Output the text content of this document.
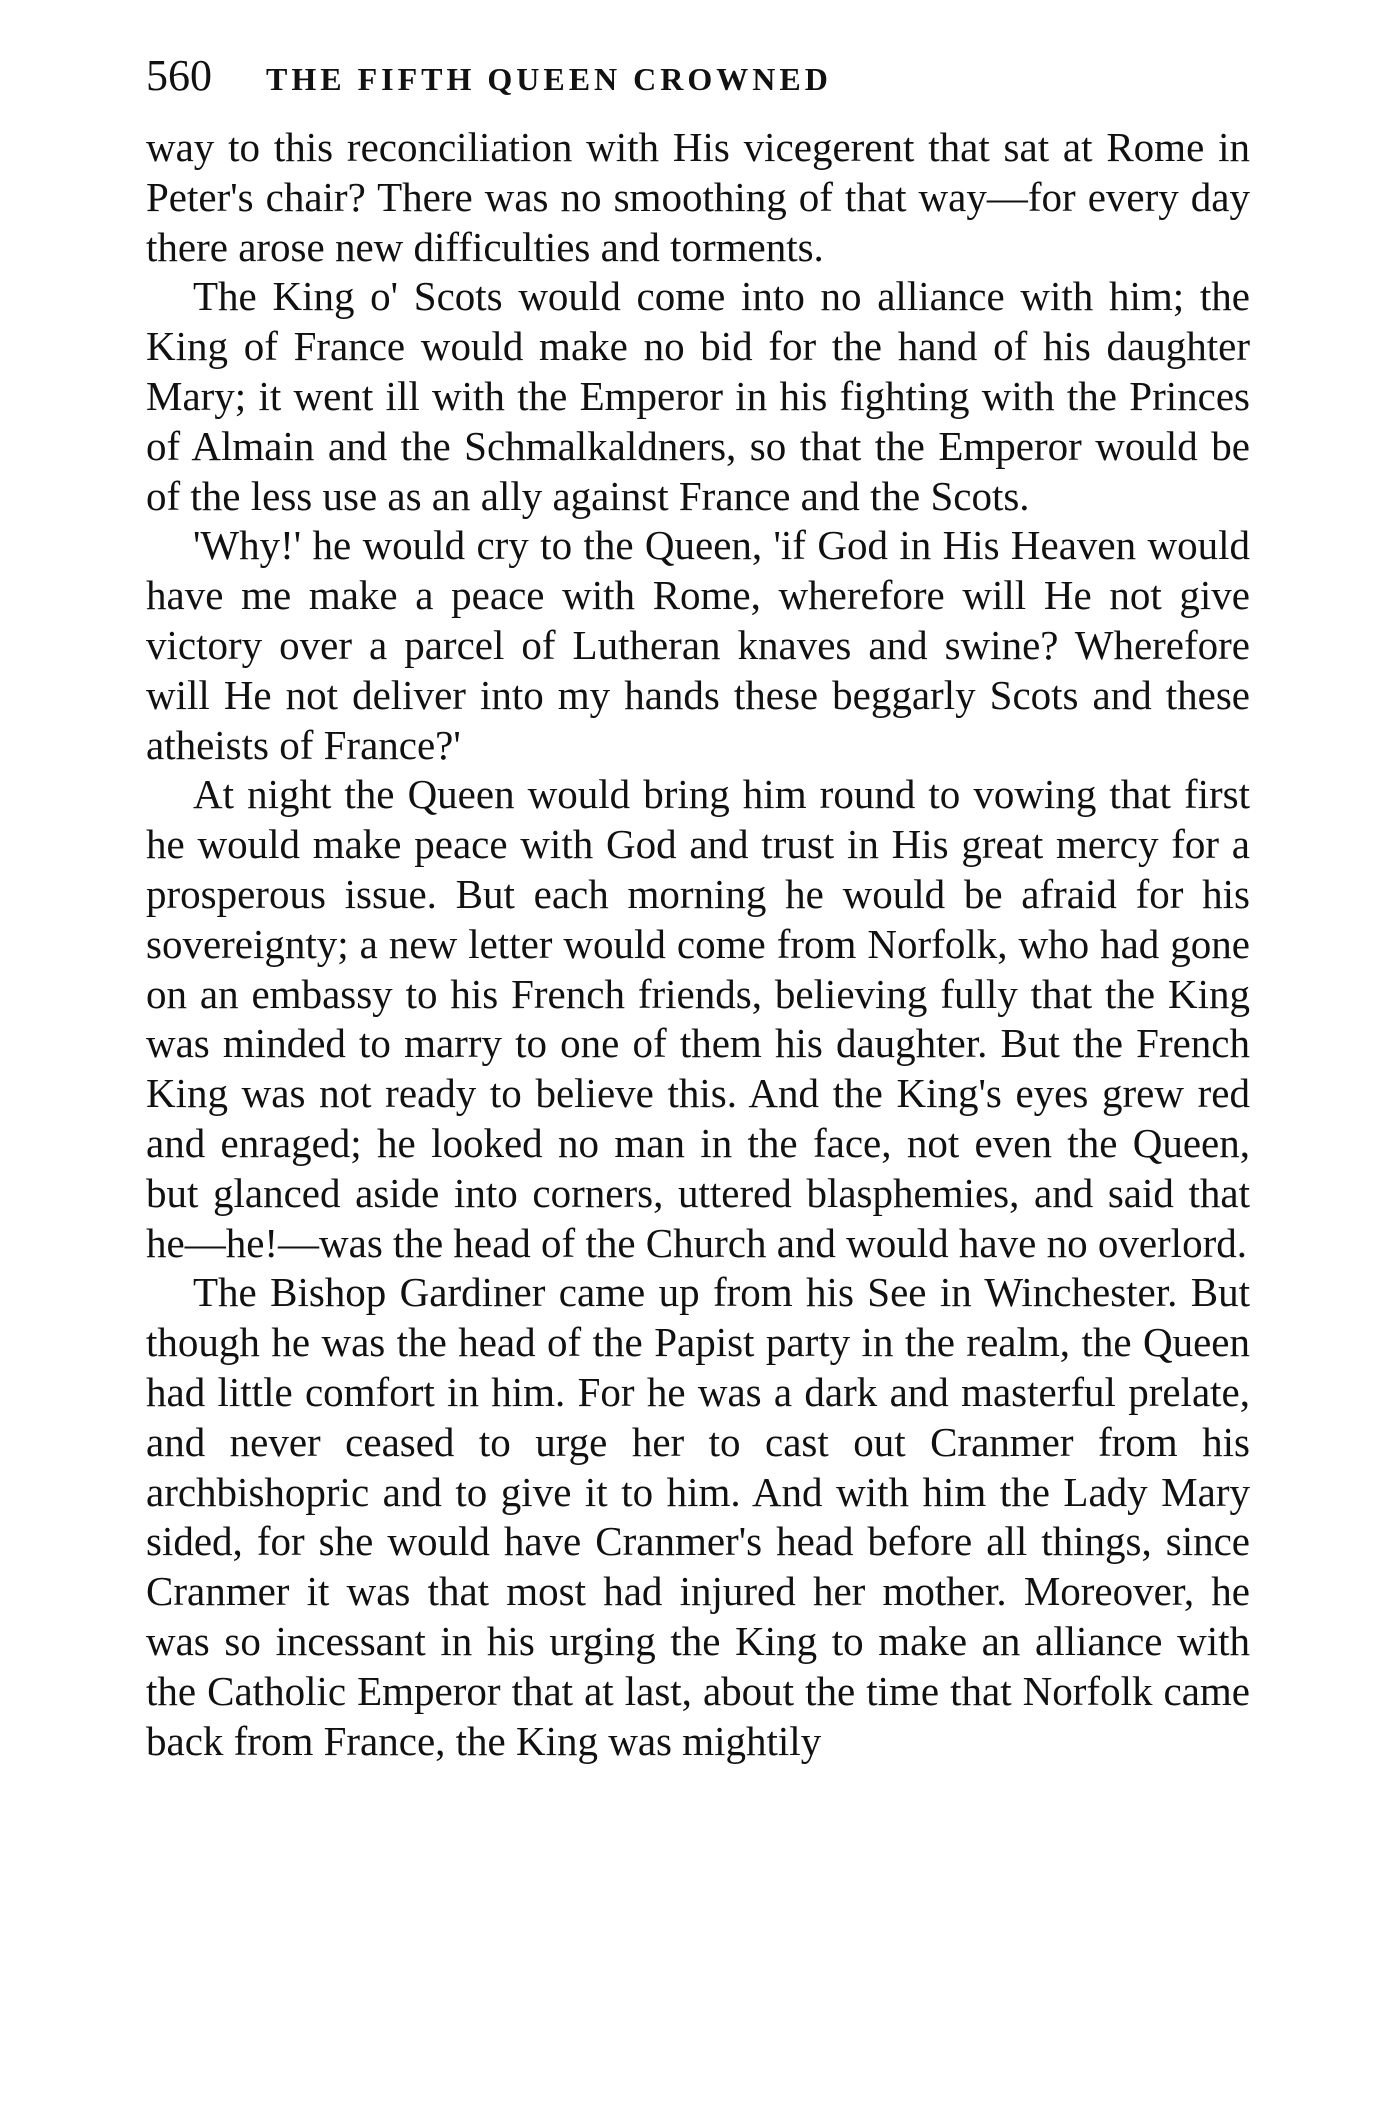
560	THE FIFTH QUEEN CROWNED

way to this reconciliation with His vicegerent that sat at Rome in Peter's chair? There was no smoothing of that way—for every day there arose new difficulties and torments.

The King o' Scots would come into no alliance with him; the King of France would make no bid for the hand of his daughter Mary; it went ill with the Emperor in his fighting with the Princes of Almain and the Schmalkaldners, so that the Emperor would be of the less use as an ally against France and the Scots.

'Why!' he would cry to the Queen, 'if God in His Heaven would have me make a peace with Rome, wherefore will He not give victory over a parcel of Lutheran knaves and swine? Wherefore will He not deliver into my hands these beggarly Scots and these atheists of France?'

At night the Queen would bring him round to vowing that first he would make peace with God and trust in His great mercy for a prosperous issue. But each morning he would be afraid for his sovereignty; a new letter would come from Norfolk, who had gone on an embassy to his French friends, believing fully that the King was minded to marry to one of them his daughter. But the French King was not ready to believe this. And the King's eyes grew red and enraged; he looked no man in the face, not even the Queen, but glanced aside into corners, uttered blasphemies, and said that he—he!—was the head of the Church and would have no overlord.

The Bishop Gardiner came up from his See in Winchester. But though he was the head of the Papist party in the realm, the Queen had little comfort in him. For he was a dark and masterful prelate, and never ceased to urge her to cast out Cranmer from his archbishopric and to give it to him. And with him the Lady Mary sided, for she would have Cranmer's head before all things, since Cranmer it was that most had injured her mother. Moreover, he was so incessant in his urging the King to make an alliance with the Catholic Emperor that at last, about the time that Norfolk came back from France, the King was mightily
